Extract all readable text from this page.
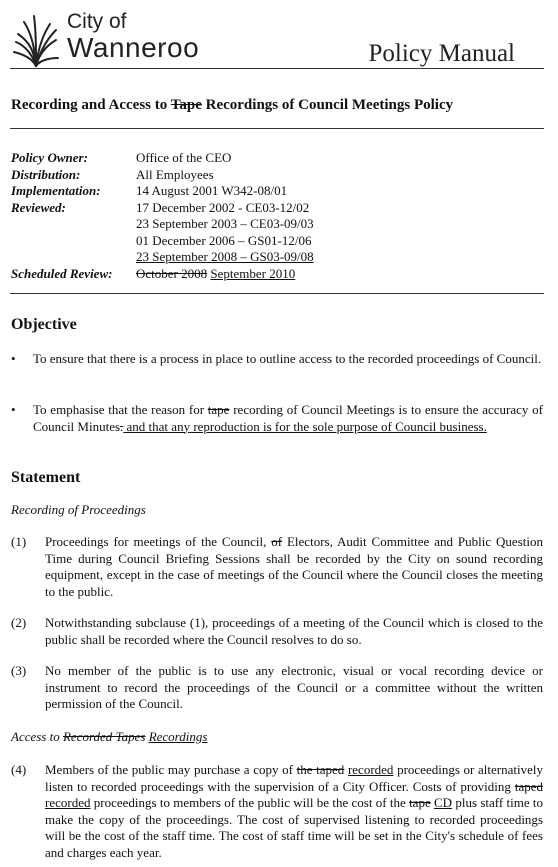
City of
Wanneroo	Policy Manual
Recording and Access to Tape Recordings of Council Meetings Policy
Policy Owner:	Office of the CEO
Distribution:	All Employees
Implementation:	14 August 2001 W342-08/01
Reviewed:	17 December 2002 - CE03-12/02
23 September 2003 – CE03-09/03
01 December 2006 – GS01-12/06
23 September 2008 – GS03-09/08
Scheduled Review:	October 2008 September 2010
Objective
• To ensure that there is a process in place to outline access to the recorded proceedings of Council.
• To emphasise that the reason for tape recording of Council Meetings is to ensure the accuracy of Council Minutes. and that any reproduction is for the sole purpose of Council business.
Statement
Recording of Proceedings
(1) Proceedings for meetings of the Council, of Electors, Audit Committee and Public Question Time during Council Briefing Sessions shall be recorded by the City on sound recording equipment, except in the case of meetings of the Council where the Council closes the meeting to the public.
(2) Notwithstanding subclause (1), proceedings of a meeting of the Council which is closed to the public shall be recorded where the Council resolves to do so.
(3) No member of the public is to use any electronic, visual or vocal recording device or instrument to record the proceedings of the Council or a committee without the written permission of the Council.
Access to Recorded Tapes Recordings
(4) Members of the public may purchase a copy of the taped recorded proceedings or alternatively listen to recorded proceedings with the supervision of a City Officer. Costs of providing taped recorded proceedings to members of the public will be the cost of the tape CD plus staff time to make the copy of the proceedings. The cost of supervised listening to recorded proceedings will be the cost of the staff time. The cost of staff time will be set in the City's schedule of fees and charges each year.
